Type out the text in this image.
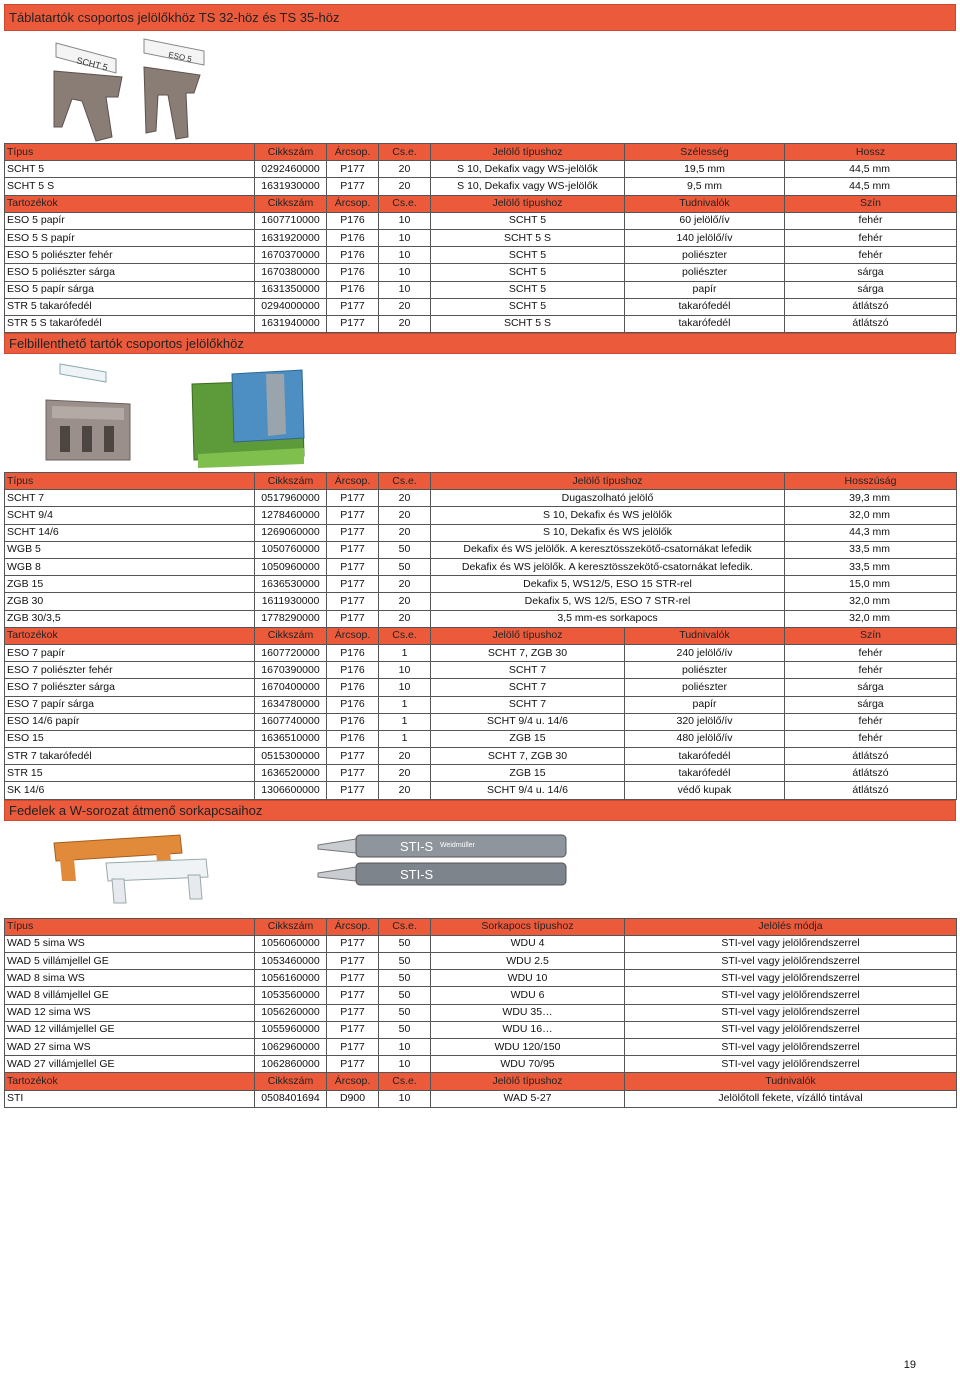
Táblatartók csoportos jelölőkhöz TS 32-höz és TS 35-höz
SCHT 5	ESO 5
Típus	Cikkszám	Árcsop.	Cs.e.	Jelölő típushoz	Szélesség	Hossz
SCHT 5	0292460000	P177	20	S 10, Dekafix vagy WS-jelölők	19,5 mm	44,5 mm
SCHT 5 S	1631930000	P177	20	S 10, Dekafix vagy WS-jelölők	9,5 mm	44,5 mm
Tartozékok	Cikkszám	Árcsop.	Cs.e.	Jelölő típushoz	Tudnivalók	Szín
ESO 5 papír	1607710000	P176	10	SCHT 5	60 jelölő/ív	fehér
ESO 5 S papír	1631920000	P176	10	SCHT 5 S	140 jelölő/ív	fehér
ESO 5 poliészter fehér	1670370000	P176	10	SCHT 5	poliészter	fehér
ESO 5 poliészter sárga	1670380000	P176	10	SCHT 5	poliészter	sárga
ESO 5 papír sárga	1631350000	P176	10	SCHT 5	papír	sárga
STR 5 takarófedél	0294000000	P177	20	SCHT 5	takarófedél	átlátszó
STR 5 S takarófedél	1631940000	P177	20	SCHT 5 S	takarófedél	átlátszó
Felbillenthető tartók csoportos jelölőkhöz
Típus	Cikkszám	Árcsop.	Cs.e.	Jelölő típushoz		Hosszúság
SCHT 7	0517960000	P177	20	Dugaszolható jelölő		39,3 mm
SCHT 9/4	1278460000	P177	20	S 10, Dekafix és WS jelölők		32,0 mm
SCHT 14/6	1269060000	P177	20	S 10, Dekafix és WS jelölők		44,3 mm
WGB 5	1050760000	P177	50	Dekafix és WS jelölők. A keresztösszekötő-csatornákat lefedik		33,5 mm
WGB 8	1050960000	P177	50	Dekafix és WS jelölők. A keresztösszekötő-csatornákat lefedik.		33,5 mm
ZGB 15	1636530000	P177	20	Dekafix 5, WS12/5, ESO 15 STR-rel		15,0 mm
ZGB 30	1611930000	P177	20	Dekafix 5, WS 12/5, ESO 7 STR-rel		32,0 mm
ZGB 30/3,5	1778290000	P177	20	3,5 mm-es sorkapocs		32,0 mm
Tartozékok	Cikkszám	Árcsop.	Cs.e.	Jelölő típushoz	Tudnivalók	Szín
ESO 7 papír	1607720000	P176	1	SCHT 7, ZGB 30	240 jelölő/ív	fehér
ESO 7 poliészter fehér	1670390000	P176	10	SCHT 7	poliészter	fehér
ESO 7 poliészter sárga	1670400000	P176	10	SCHT 7	poliészter	sárga
ESO 7 papír sárga	1634780000	P176	1	SCHT 7	papír	sárga
ESO 14/6 papír	1607740000	P176	1	SCHT 9/4 u. 14/6	320 jelölő/ív	fehér
ESO 15	1636510000	P176	1	ZGB 15	480 jelölő/ív	fehér
STR 7 takarófedél	0515300000	P177	20	SCHT 7, ZGB 30	takarófedél	átlátszó
STR 15	1636520000	P177	20	ZGB 15	takarófedél	átlátszó
SK 14/6	1306600000	P177	20	SCHT 9/4 u. 14/6	védő kupak	átlátszó
Fedelek a W-sorozat átmenő sorkapcsaihoz
STI-S Weidmüller
STI-S
Típus	Cikkszám	Árcsop.	Cs.e.	Sorkapocs típushoz	Jelölés módja
WAD 5 sima WS	1056060000	P177	50	WDU 4	STI-vel vagy jelölőrendszerrel
WAD 5 villámjellel GE	1053460000	P177	50	WDU 2.5	STI-vel vagy jelölőrendszerrel
WAD 8 sima WS	1056160000	P177	50	WDU 10	STI-vel vagy jelölőrendszerrel
WAD 8 villámjellel GE	1053560000	P177	50	WDU 6	STI-vel vagy jelölőrendszerrel
WAD 12 sima WS	1056260000	P177	50	WDU 35…	STI-vel vagy jelölőrendszerrel
WAD 12 villámjellel GE	1055960000	P177	50	WDU 16…	STI-vel vagy jelölőrendszerrel
WAD 27 sima WS	1062960000	P177	10	WDU 120/150	STI-vel vagy jelölőrendszerrel
WAD 27 villámjellel GE	1062860000	P177	10	WDU 70/95	STI-vel vagy jelölőrendszerrel
Tartozékok	Cikkszám	Árcsop.	Cs.e.	Jelölő típushoz	Tudnivalók
STI	0508401694	D900	10	WAD 5-27	Jelölőtoll fekete, vízálló tintával
19
